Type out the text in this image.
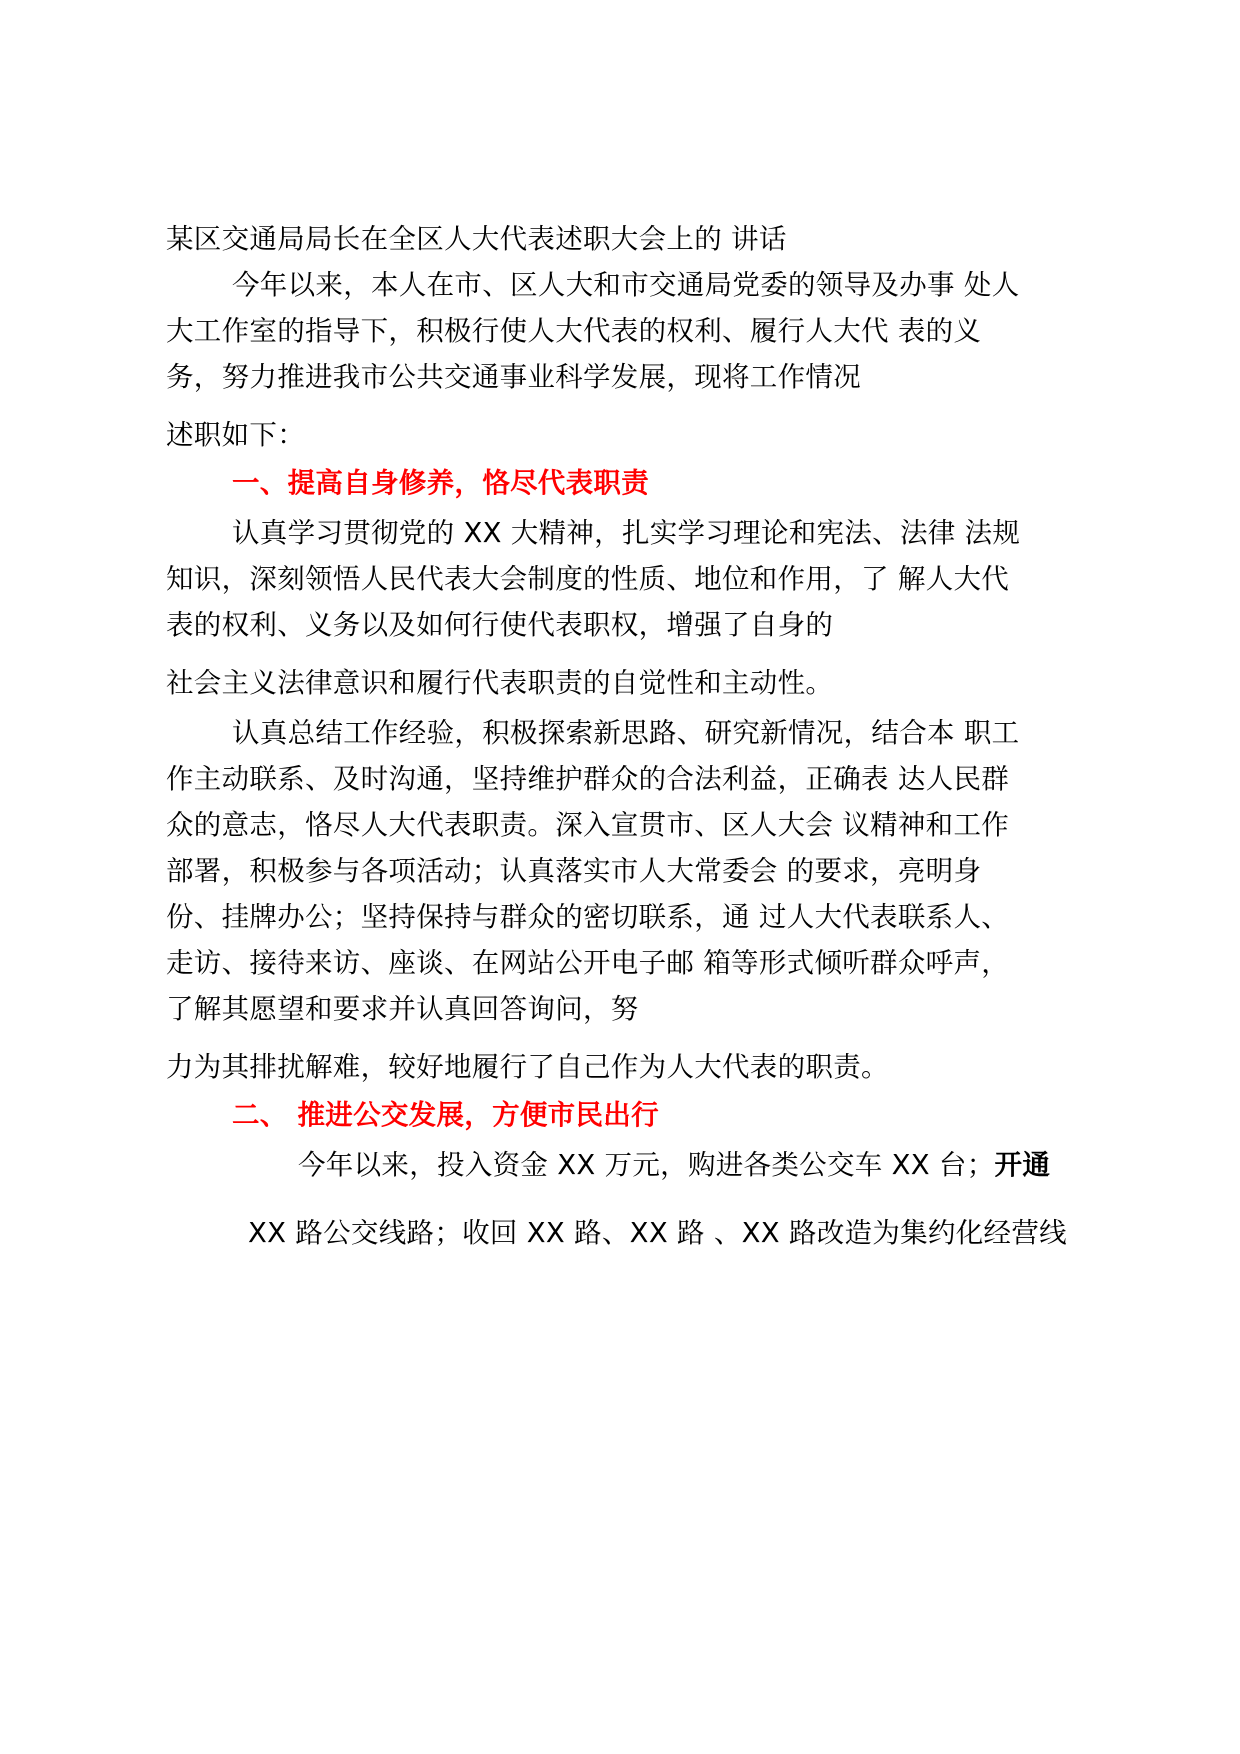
某区交通局局长在全区人大代表述职大会上的 讲话
今年以来，本人在市、区人大和市交通局党委的领导及办事 处人
大工作室的指导下，积极行使人大代表的权利、履行人大代 表的义
务，努力推进我市公共交通事业科学发展，现将工作情况
述职如下：
一、提高自身修养，恪尽代表职责
认真学习贯彻党的 XX 大精神，扎实学习理论和宪法、法律 法规
知识，深刻领悟人民代表大会制度的性质、地位和作用，了 解人大代
表的权利、义务以及如何行使代表职权，增强了自身的
社会主义法律意识和履行代表职责的自觉性和主动性。
认真总结工作经验，积极探索新思路、研究新情况，结合本 职工
作主动联系、及时沟通，坚持维护群众的合法利益，正确表 达人民群
众的意志，恪尽人大代表职责。深入宣贯市、区人大会 议精神和工作
部署，积极参与各项活动；认真落实市人大常委会 的要求，亮明身
份、挂牌办公；坚持保持与群众的密切联系，通 过人大代表联系人、
走访、接待来访、座谈、在网站公开电子邮 箱等形式倾听群众呼声，
了解其愿望和要求并认真回答询问，努
力为其排扰解难，较好地履行了自己作为人大代表的职责。
二、 推进公交发展，方便市民出行
今年以来，投入资金 XX 万元，购进各类公交车 XX 台；开通
XX 路公交线路；收回 XX 路、XX 路 、XX 路改造为集约化经营线
